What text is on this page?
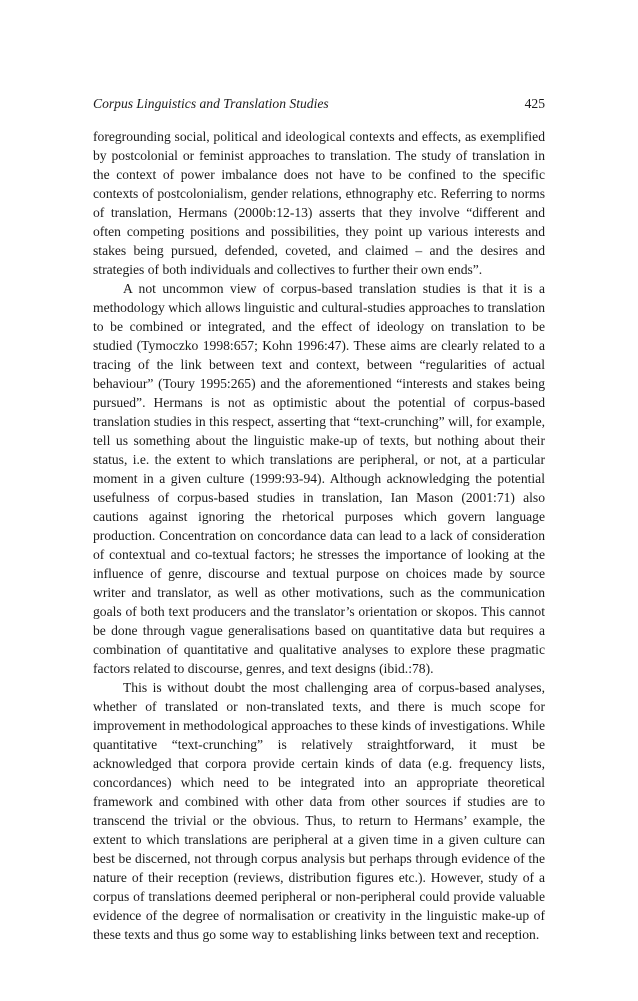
Corpus Linguistics and Translation Studies	425

foregrounding social, political and ideological contexts and effects, as exemplified by postcolonial or feminist approaches to translation. The study of translation in the context of power imbalance does not have to be confined to the specific contexts of postcolonialism, gender relations, ethnography etc. Referring to norms of translation, Hermans (2000b:12-13) asserts that they involve “different and often competing positions and possibilities, they point up various interests and stakes being pursued, defended, coveted, and claimed – and the desires and strategies of both individuals and collectives to further their own ends”.

A not uncommon view of corpus-based translation studies is that it is a methodology which allows linguistic and cultural-studies approaches to translation to be combined or integrated, and the effect of ideology on translation to be studied (Tymoczko 1998:657; Kohn 1996:47). These aims are clearly related to a tracing of the link between text and context, between “regularities of actual behaviour” (Toury 1995:265) and the aforementioned “interests and stakes being pursued”. Hermans is not as optimistic about the potential of corpus-based translation studies in this respect, asserting that “text-crunching” will, for example, tell us something about the linguistic make-up of texts, but nothing about their status, i.e. the extent to which translations are peripheral, or not, at a particular moment in a given culture (1999:93-94). Although acknowledging the potential usefulness of corpus-based studies in translation, Ian Mason (2001:71) also cautions against ignoring the rhetorical purposes which govern language production. Concentration on concordance data can lead to a lack of consideration of contextual and co-textual factors; he stresses the importance of looking at the influence of genre, discourse and textual purpose on choices made by source writer and translator, as well as other motivations, such as the communication goals of both text producers and the translator’s orientation or skopos. This cannot be done through vague generalisations based on quantitative data but requires a combination of quantitative and qualitative analyses to explore these pragmatic factors related to discourse, genres, and text designs (ibid.:78).

This is without doubt the most challenging area of corpus-based analyses, whether of translated or non-translated texts, and there is much scope for improvement in methodological approaches to these kinds of investigations. While quantitative “text-crunching” is relatively straightforward, it must be acknowledged that corpora provide certain kinds of data (e.g. frequency lists, concordances) which need to be integrated into an appropriate theoretical framework and combined with other data from other sources if studies are to transcend the trivial or the obvious. Thus, to return to Hermans’ example, the extent to which translations are peripheral at a given time in a given culture can best be discerned, not through corpus analysis but perhaps through evidence of the nature of their reception (reviews, distribution figures etc.). However, study of a corpus of translations deemed peripheral or non-peripheral could provide valuable evidence of the degree of normalisation or creativity in the linguistic make-up of these texts and thus go some way to establishing links between text and reception.
